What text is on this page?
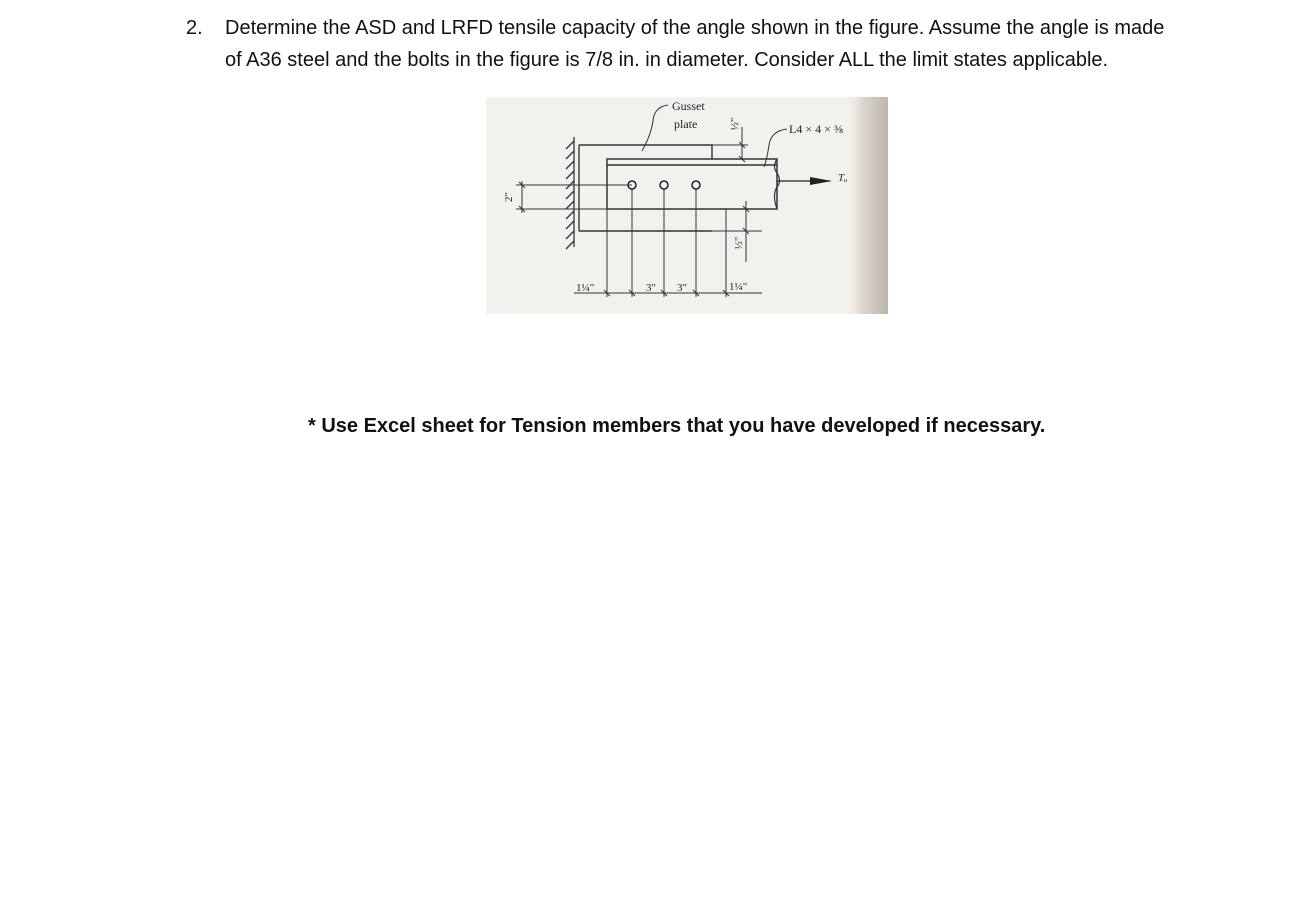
2.	Determine the ASD and LRFD tensile capacity of the angle shown in the figure. Assume the angle is made
of A36 steel and the bolts in the figure is 7/8 in. in diameter. Consider ALL the limit states applicable.
2"
Gusset
plate	½"	L4 × 4 × ⅜
Tᵤ
½"
1¼"	3" 3"	1¼"
* Use Excel sheet for Tension members that you have developed if necessary.
